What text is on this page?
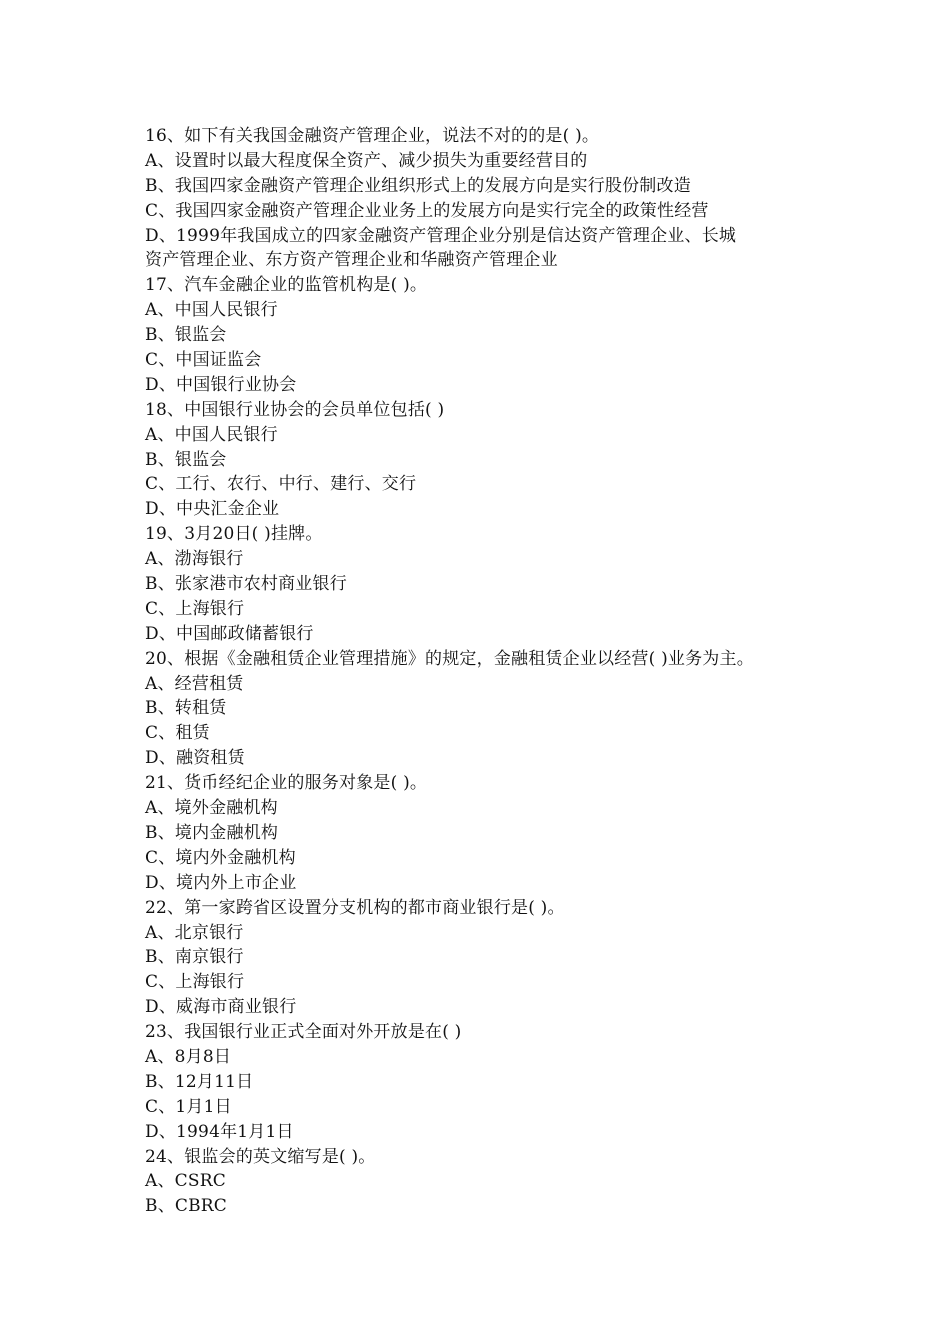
16、如下有关我国金融资产管理企业，说法不对的的是( )。
A、设置时以最大程度保全资产、减少损失为重要经营目的
B、我国四家金融资产管理企业组织形式上的发展方向是实行股份制改造
C、我国四家金融资产管理企业业务上的发展方向是实行完全的政策性经营
D、1999年我国成立的四家金融资产管理企业分别是信达资产管理企业、长城
资产管理企业、东方资产管理企业和华融资产管理企业
17、汽车金融企业的监管机构是( )。
A、中国人民银行
B、银监会
C、中国证监会
D、中国银行业协会
18、中国银行业协会的会员单位包括( )
A、中国人民银行
B、银监会
C、工行、农行、中行、建行、交行
D、中央汇金企业
19、3月20日( )挂牌。
A、渤海银行
B、张家港市农村商业银行
C、上海银行
D、中国邮政储蓄银行
20、根据《金融租赁企业管理措施》的规定，金融租赁企业以经营( )业务为主。
A、经营租赁
B、转租赁
C、租赁
D、融资租赁
21、货币经纪企业的服务对象是( )。
A、境外金融机构
B、境内金融机构
C、境内外金融机构
D、境内外上市企业
22、第一家跨省区设置分支机构的都市商业银行是( )。
A、北京银行
B、南京银行
C、上海银行
D、威海市商业银行
23、我国银行业正式全面对外开放是在( )
A、8月8日
B、12月11日
C、1月1日
D、1994年1月1日
24、银监会的英文缩写是( )。
A、CSRC
B、CBRC
